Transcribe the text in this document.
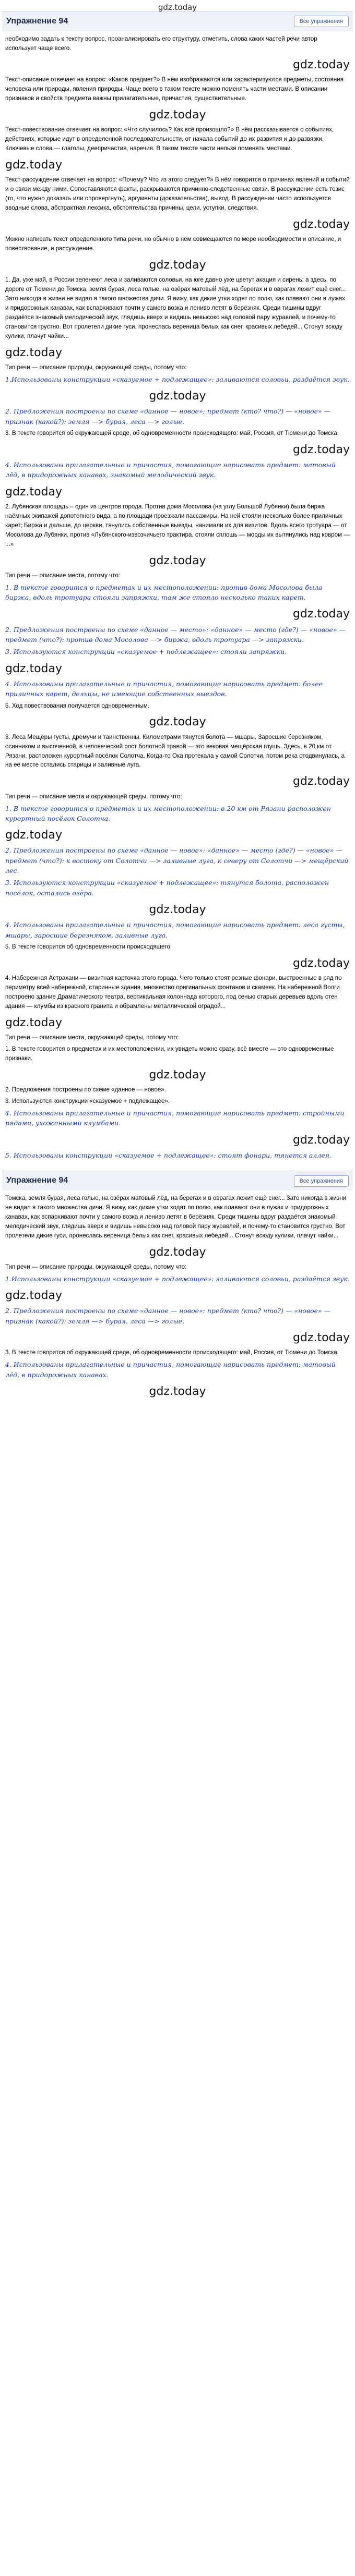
gdz.today
Упражнение 94	Все упражнения

необходимо задать к тексту вопрос, проанализировать его структуру, отметить, слова каких частей речи автор использует чаще всего.

gdz.today

Текст-описание отвечает на вопрос: «Каков предмет?» В нём изображаются или характеризуются предметы, состояния человека или природы, явления природы. Чаще всего в таком тексте можно поменять части местами. В описании признаков и свойств предмета важны прилагательные, причастия, существительные.

gdz.today

Текст-повествование отвечает на вопрос: «Что случилось? Как всё произошло?» В нём рассказывается о событиях, действиях, которые идут в определенной последовательности, от начала событий до их развития и до развязки. Ключевые слова — глаголы, деепричастия, наречия. В таком тексте части нельзя поменять местами.

gdz.today

Текст-рассуждение отвечает на вопрос: «Почему? Что из этого следует?» В нём говорится о причинах явлений и событий и о связи между ними. Сопоставляются факты, раскрываются причинно-следственные связи. В рассуждении есть тезис (то, что нужно доказать или опровергнуть), аргументы (доказательства), вывод. В рассуждении часто используется вводные слова, абстрактная лексика, обстоятельства причины, цели, уступки, следствия.

gdz.today

Можно написать текст определенного типа речи, но обычно в нём совмещаются по мере необходимости и описание, и повествование, и рассуждение.

gdz.today

1. Да, уже май, в России зеленеют леса и заливаются соловьи, на юге давно уже цветут акация и сирень; а здесь, по дороге от Тюмени до Томска, земля бурая, леса голые, на озёрах матовый лёд, на берегах и в оврагах лежит ещё снег... Зато никогда в жизни не видал я такого множества дичи. Я вижу, как дикие утки ходят по полю, как плавают они в лужах и придорожных канавах, как вспархивают почти у самого возка и лениво летят в берёзняк. Среди тишины вдруг раздаётся знакомый мелодический звук, глядишь вверх и видишь невысоко над головой пару журавлей, и почему-то становится грустно. Вот пролетели дикие гуси, пронеслась вереница белых как снег, красивых лебедей... Стонут всюду кулики, плачут чайки...

gdz.today

Тип речи — описание природы, окружающей среды, потому что:

1.Использованы конструкции «сказуемое + подлежащее»: заливаются соловьи, раздаётся звук.

gdz.today

2. Предложения построены по схеме «данное — новое»: предмет (кто? что?) — «новое» — признак (какой?): земля —> бурая, леса —> голые.

3. В тексте говорится об окружающей среде, об одновременности происходящего: май, Россия, от Тюмени до Томска.

gdz.today

4. Использованы прилагательные и причастия, помогающие нарисовать предмет: матовый лёд, в придорожных канавах, знакомый мелодический звук.

gdz.today

2. Лубянская площадь – один из центров города. Против дома Мосолова (на углу Большой Лубянки) была биржа наёмных экипажей допотопного вида, а по площади проезжали пассажиры. На ней стояли несколько более приличных карет; Биржа и дальше, до церкви, тянулись собственные выезды, нанимали их для визитов. Вдоль всего тротуара — от Мосолова до Лубянки, против «Лубянского-извозчичьего трактира, стояли сплошь — морды их вытянулись над ковром — ...»

gdz.today

Тип речи — описание места, потому что:

1. В тексте говорится о предметах и их местоположении: против дома Мосолова была биржа, вдоль тротуара стояли запряжки, там же стояло несколько таких карет.

gdz.today

2. Предложения построены по схеме «данное — место»: «данное» — место (где?) — «новое» — предмет (что?): против дома Мосолова —> биржа, вдоль тротуара —> запряжки.

3. Используются конструкции «сказуемое + подлежащее»: стояли запряжки.

gdz.today

4. Использованы прилагательные и причастия, помогающие нарисовать предмет: более приличных карет, дельцы, не имеющие собственных выездов.

5. Ход повествования получается одновременным.

gdz.today

3. Леса Мещёры густы, дремучи и таинственны. Километрами тянутся болота — мшары. Заросшие березняком, осинником и высоченной, в человеческий рост болотной травой — это вековая мещёрская глушь. Здесь, в 20 км от Рязани, расположен курортный посёлок Солотча. Когда-то Ока протекала у самой Солотчи, потом река отодвинулась, а на её месте остались старицы и заливные луга.

gdz.today

Тип речи — описание места и окружающей среды, потому что:

1. В тексте говорится о предметах и их местоположении: в 20 км от Рязани расположен курортный посёлок Солотча.

gdz.today

2. Предложения построены по схеме «данное — новое»: «данное» — место (где?) — «новое» — предмет (что?): к востоку от Солотчи —> заливные луга, к северу от Солотчи —> мещёрский лес.

3. Используются конструкции «сказуемое + подлежащее»: тянутся болота, расположен посёлок, остались озёра.

gdz.today

4. Использованы прилагательные и причастия, помогающие нарисовать предмет: леса густы, мшары, заросшие березняком, заливные луга.

5. В тексте говорится об одновременности происходящего.

gdz.today

4. Набережная Астрахани — визитная карточка этого города. Чего только стоят резные фонари, выстроенные в ряд по периметру всей набережной, старинные здания, множество оригинальных фонтанов и скамеек. На набережной Волги построено здание Драматического театра, вертикальная колоннада которого, под сенью старых деревьев вдоль стен здания — клумбы из красного гранита и обрамлены металлической оградой...

gdz.today

Тип речи — описание места, окружающей среды, потому что:

1. В тексте говорится о предметах и их местоположении, их увидеть можно сразу, всё вместе — это одновременные признаки.

gdz.today

2. Предложения построены по схеме «данное — новое».

3. Используются конструкции «сказуемое + подлежащее».

4. Использованы прилагательные и причастия, помогающие нарисовать предмет: стройными рядами, ухоженными клумбами.

gdz.today

5. Использованы конструкции «сказуемое + подлежащее»: стоят фонари, тянется аллея.

Упражнение 94	Все упражнения

Томска, земля бурая, леса голые, на озёрах матовый лёд, на берегах и в оврагах лежит ещё снег... Зато никогда в жизни не видал я такого множества дичи. Я вижу, как дикие утки ходят по полю, как плавают они в лужах и придорожных канавах, как вспархивают почти у самого возка и лениво летят в берёзняк. Среди тишины вдруг раздаётся знакомый мелодический звук, глядишь вверх и видишь невысоко над головой пару журавлей, и почему-то становится грустно. Вот пролетели дикие гуси, пронеслась вереница белых как снег, красивых лебедей... Стонут всюду кулики, плачут чайки...

gdz.today

Тип речи — описание природы, окружающей среды, потому что:

1.Использованы конструкции «сказуемое + подлежащее»: заливаются соловьи, раздаётся звук.

gdz.today

2. Предложения построены по схеме «данное — новое»: предмет (кто? что?) — «новое» — признак (какой?): земля —> бурая, леса —> голые.

gdz.today

3. В тексте говорится об окружающей среде, об одновременности происходящего: май, Россия, от Тюмени до Томска.

4. Использованы прилагательные и причастия, помогающие нарисовать предмет: матовый лёд, в придорожных канавах.

gdz.today
